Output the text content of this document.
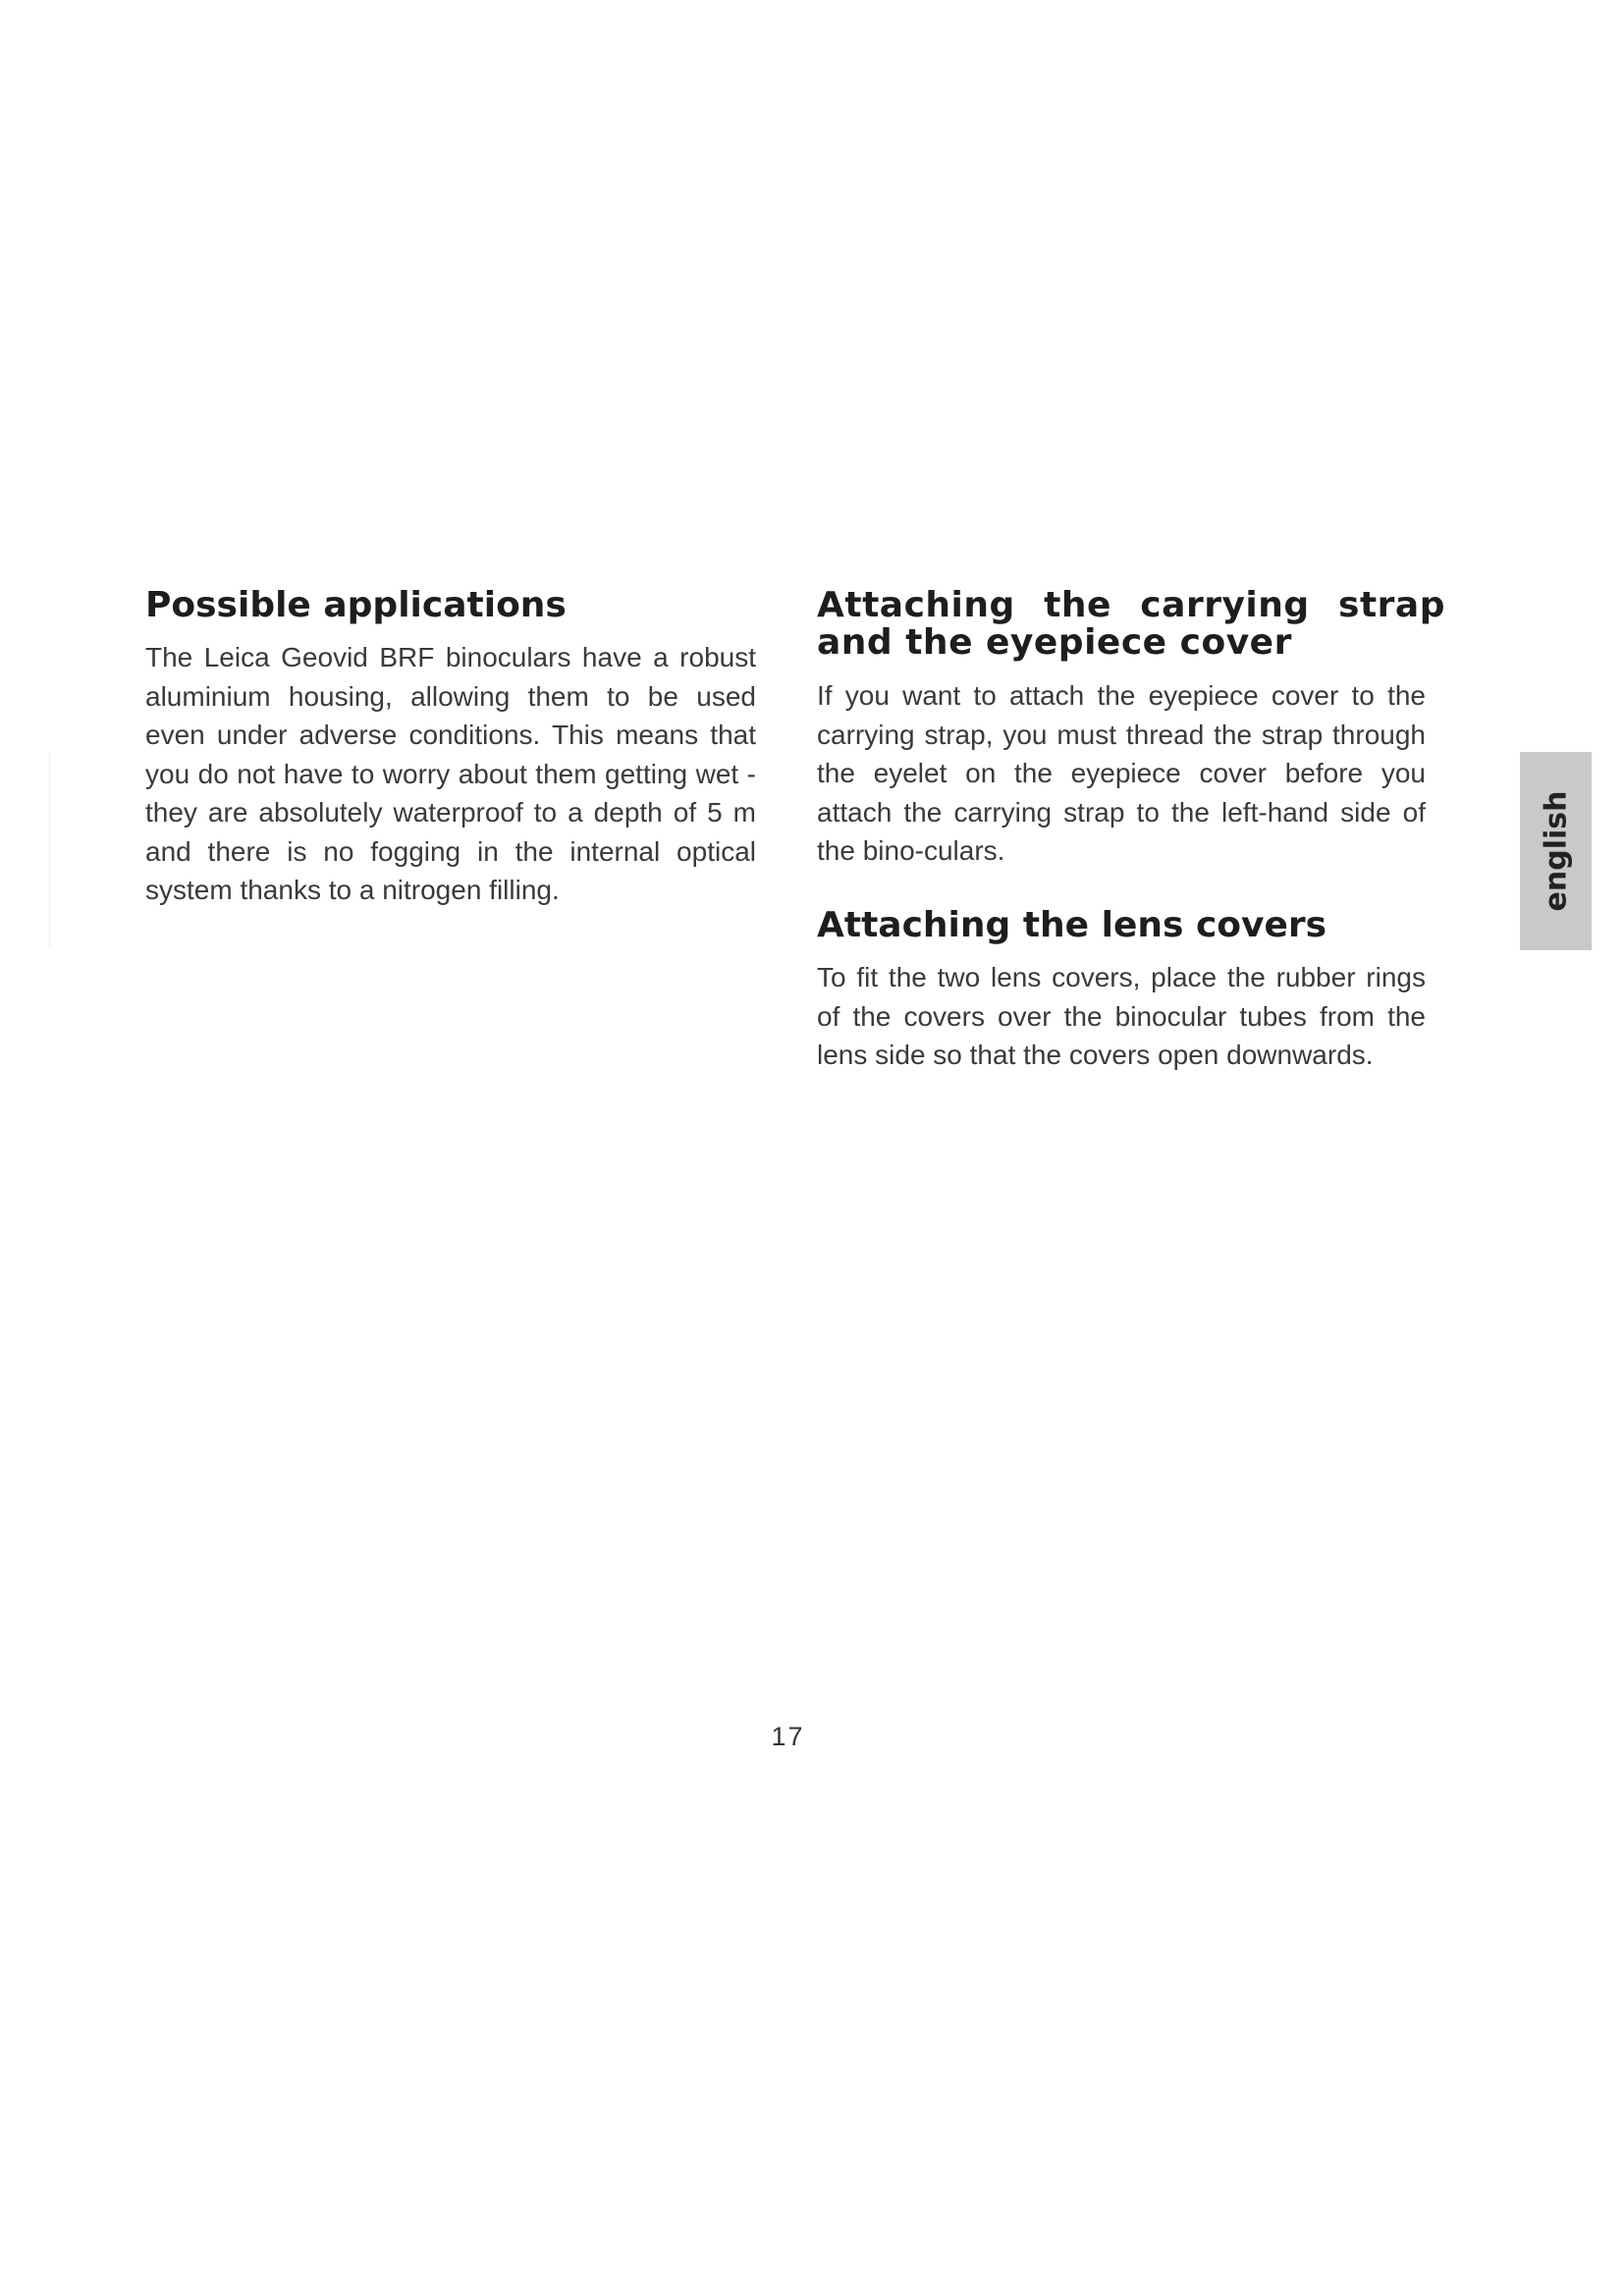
Possible applications

The Leica Geovid BRF binoculars have a robust aluminium housing, allowing them to be used even under adverse conditions. This means that you do not have to worry about them getting wet - they are absolutely waterproof to a depth of 5 m and there is no fogging in the internal optical system thanks to a nitrogen filling.

Attaching the carrying strap and the eyepiece cover

If you want to attach the eyepiece cover to the carrying strap, you must thread the strap through the eyelet on the eyepiece cover before you attach the carrying strap to the left-hand side of the bino-culars.

Attaching the lens covers

To fit the two lens covers, place the rubber rings of the covers over the binocular tubes from the lens side so that the covers open downwards.

english
17
